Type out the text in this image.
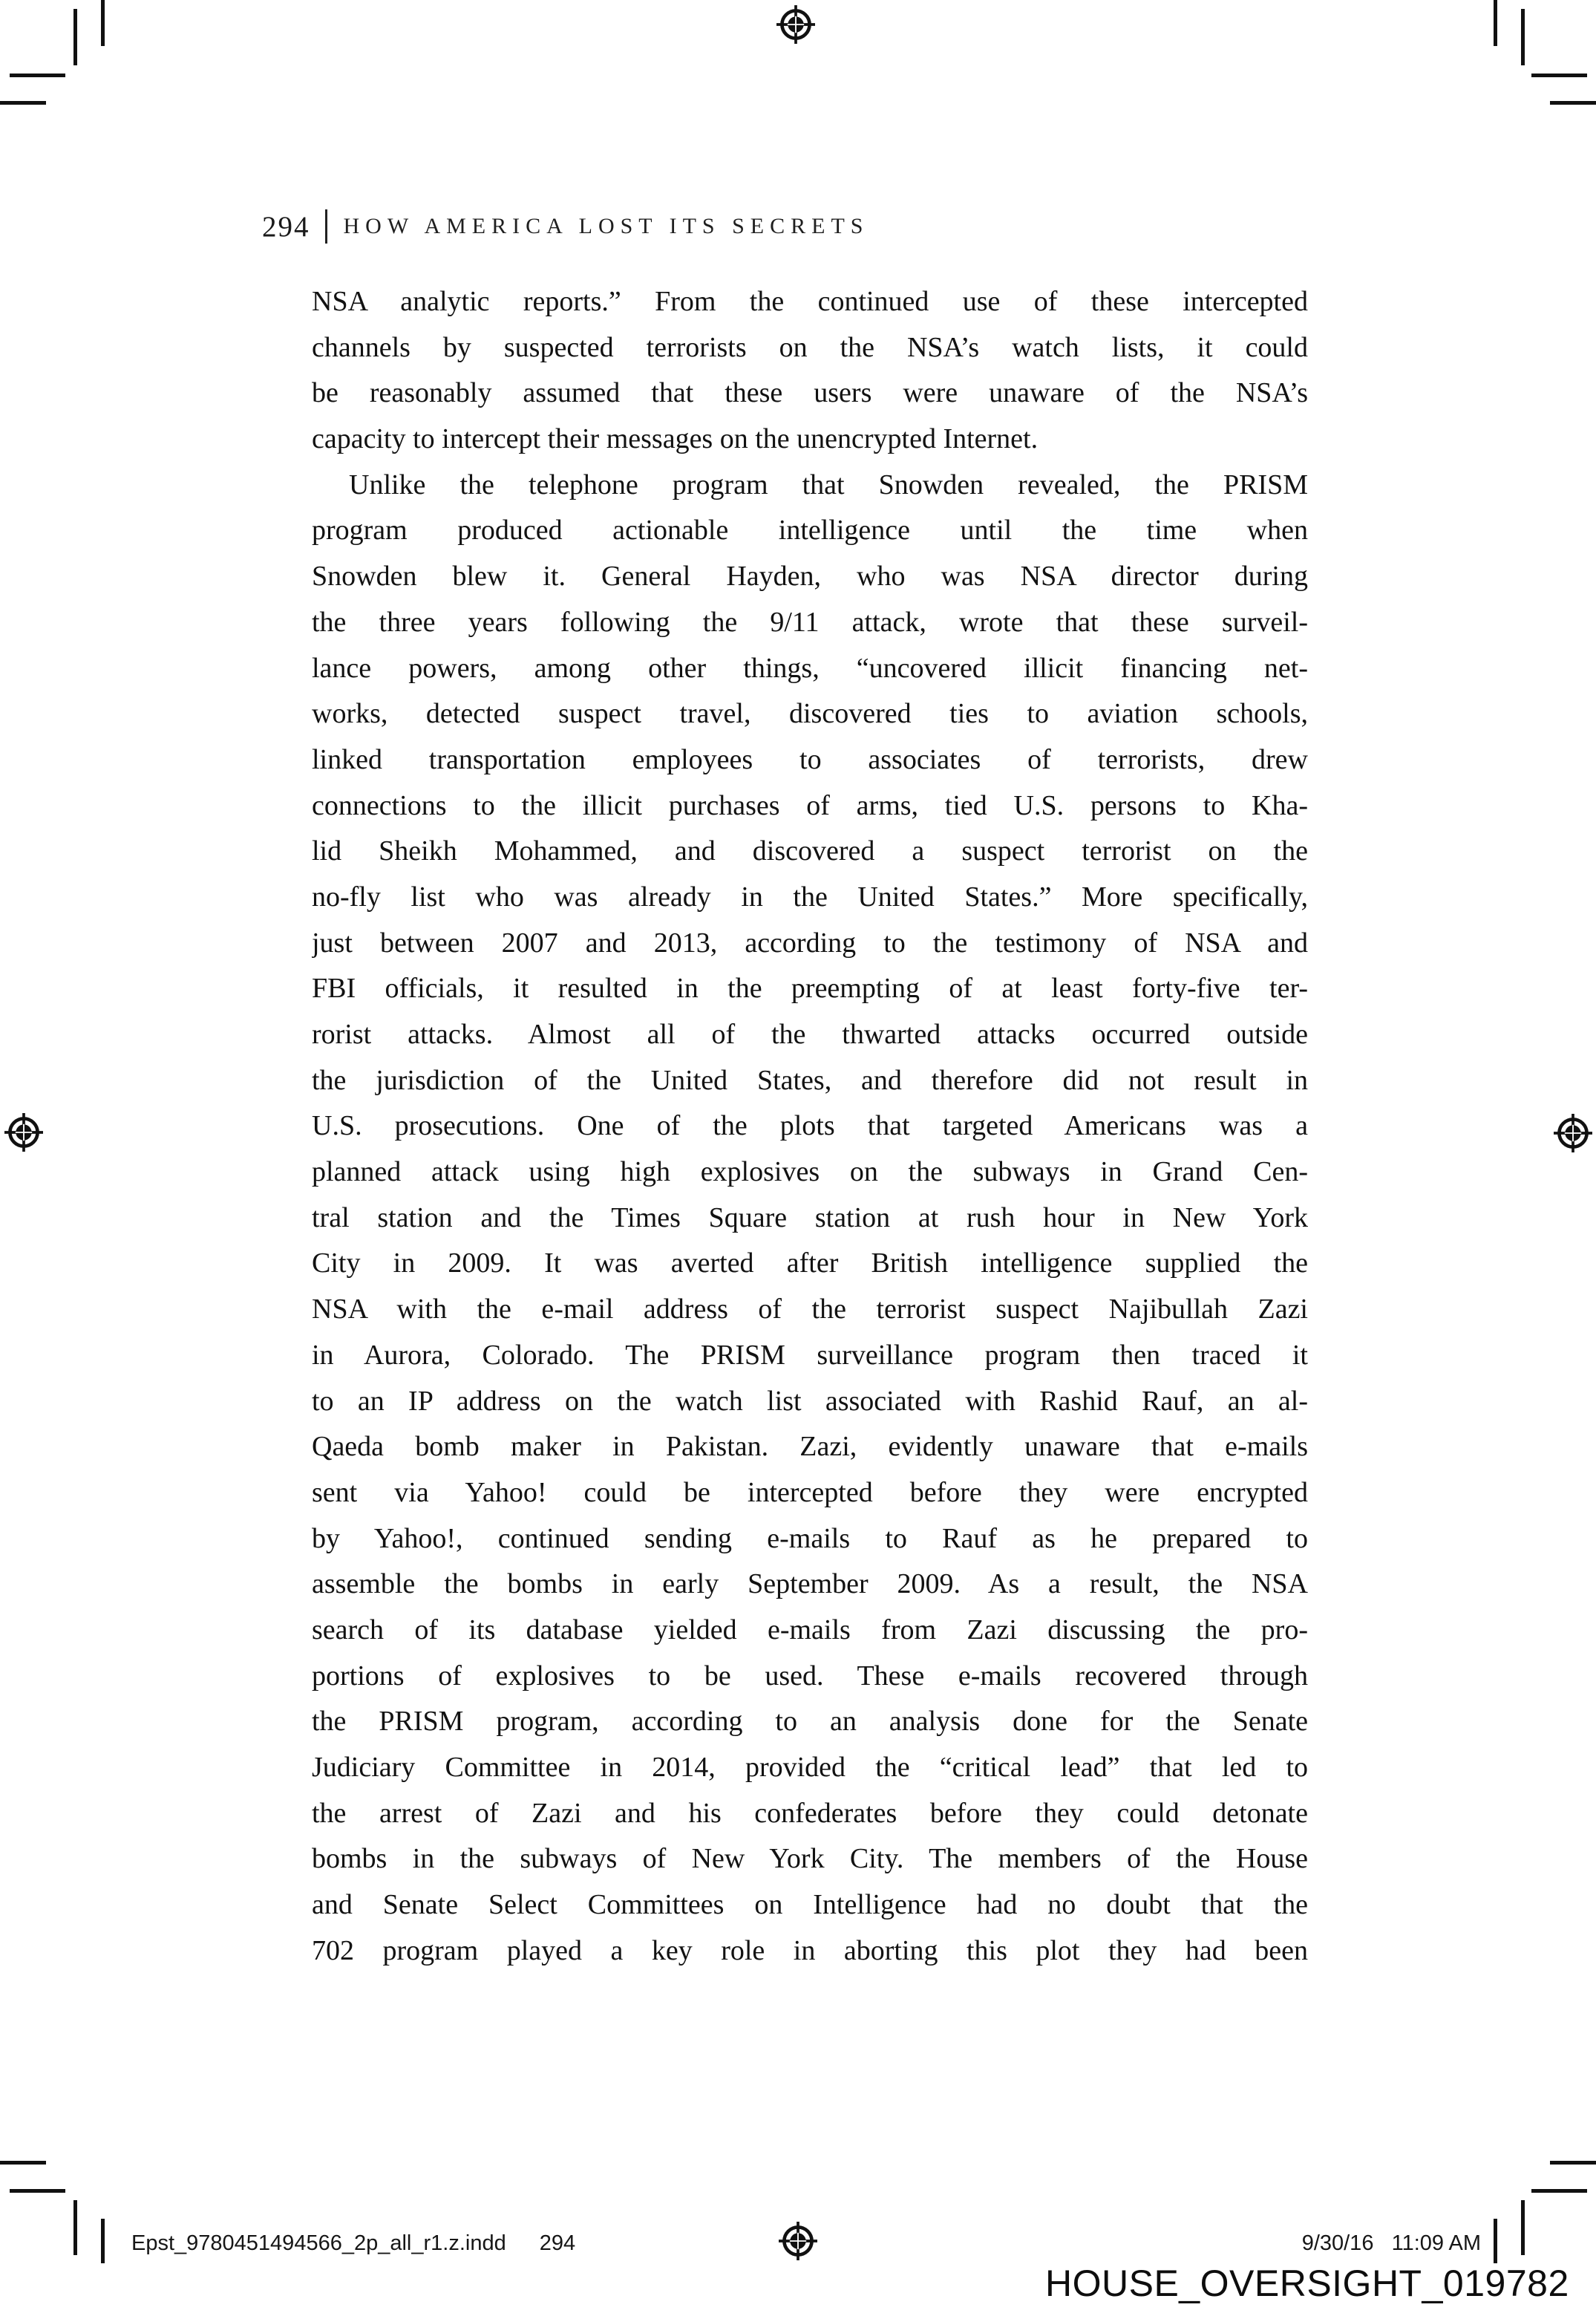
294 HOW AMERICA LOST ITS SECRETS
NSA analytic reports.” From the continued use of these intercepted
channels by suspected terrorists on the NSA’s watch lists, it could
be reasonably assumed that these users were unaware of the NSA’s
capacity to intercept their messages on the unencrypted Internet.
Unlike the telephone program that Snowden revealed, the PRISM
program produced actionable intelligence until the time when
Snowden blew it. General Hayden, who was NSA director during
the three years following the 9/11 attack, wrote that these surveil-
lance powers, among other things, “uncovered illicit financing net-
works, detected suspect travel, discovered ties to aviation schools,
linked transportation employees to associates of terrorists, drew
connections to the illicit purchases of arms, tied U.S. persons to Kha-
lid Sheikh Mohammed, and discovered a suspect terrorist on the
no-fly list who was already in the United States.” More specifically,
just between 2007 and 2013, according to the testimony of NSA and
FBI officials, it resulted in the preempting of at least forty-five ter-
rorist attacks. Almost all of the thwarted attacks occurred outside
the jurisdiction of the United States, and therefore did not result in
U.S. prosecutions. One of the plots that targeted Americans was a
planned attack using high explosives on the subways in Grand Cen-
tral station and the Times Square station at rush hour in New York
City in 2009. It was averted after British intelligence supplied the
NSA with the e-mail address of the terrorist suspect Najibullah Zazi
in Aurora, Colorado. The PRISM surveillance program then traced it
to an IP address on the watch list associated with Rashid Rauf, an al-
Qaeda bomb maker in Pakistan. Zazi, evidently unaware that e-mails
sent via Yahoo! could be intercepted before they were encrypted
by Yahoo!, continued sending e-mails to Rauf as he prepared to
assemble the bombs in early September 2009. As a result, the NSA
search of its database yielded e-mails from Zazi discussing the pro-
portions of explosives to be used. These e-mails recovered through
the PRISM program, according to an analysis done for the Senate
Judiciary Committee in 2014, provided the “critical lead” that led to
the arrest of Zazi and his confederates before they could detonate
bombs in the subways of New York City. The members of the House
and Senate Select Committees on Intelligence had no doubt that the
702 program played a key role in aborting this plot they had been
Epst_9780451494566_2p_all_r1.z.indd 294	9/30/16   11:09 AM
HOUSE_OVERSIGHT_019782
